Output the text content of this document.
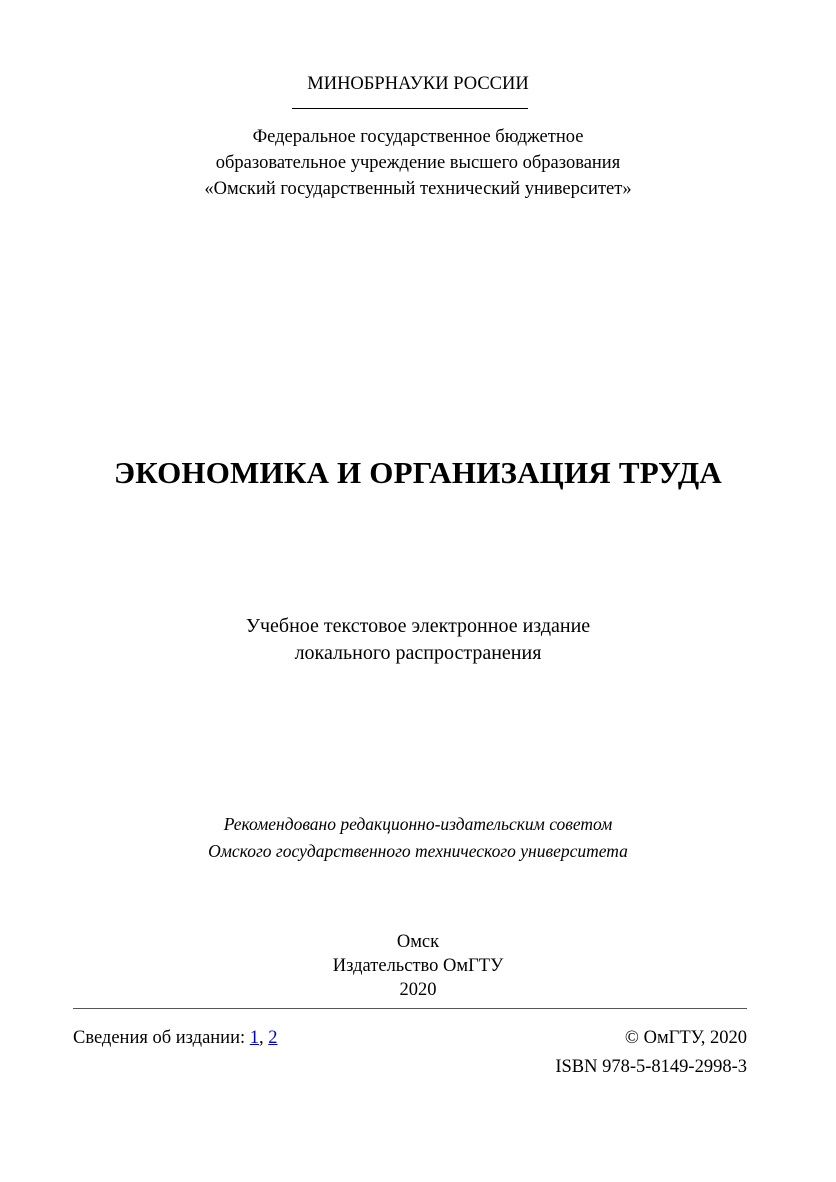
МИНОБРНАУКИ РОССИИ
Федеральное государственное бюджетное
образовательное учреждение высшего образования
«Омский государственный технический университет»
ЭКОНОМИКА И ОРГАНИЗАЦИЯ ТРУДА
Учебное текстовое электронное издание
локального распространения
Рекомендовано редакционно-издательским советом
Омского государственного технического университета
Омск
Издательство ОмГТУ
2020
Сведения об издании: 1, 2	© ОмГТУ, 2020
ISBN 978-5-8149-2998-3
